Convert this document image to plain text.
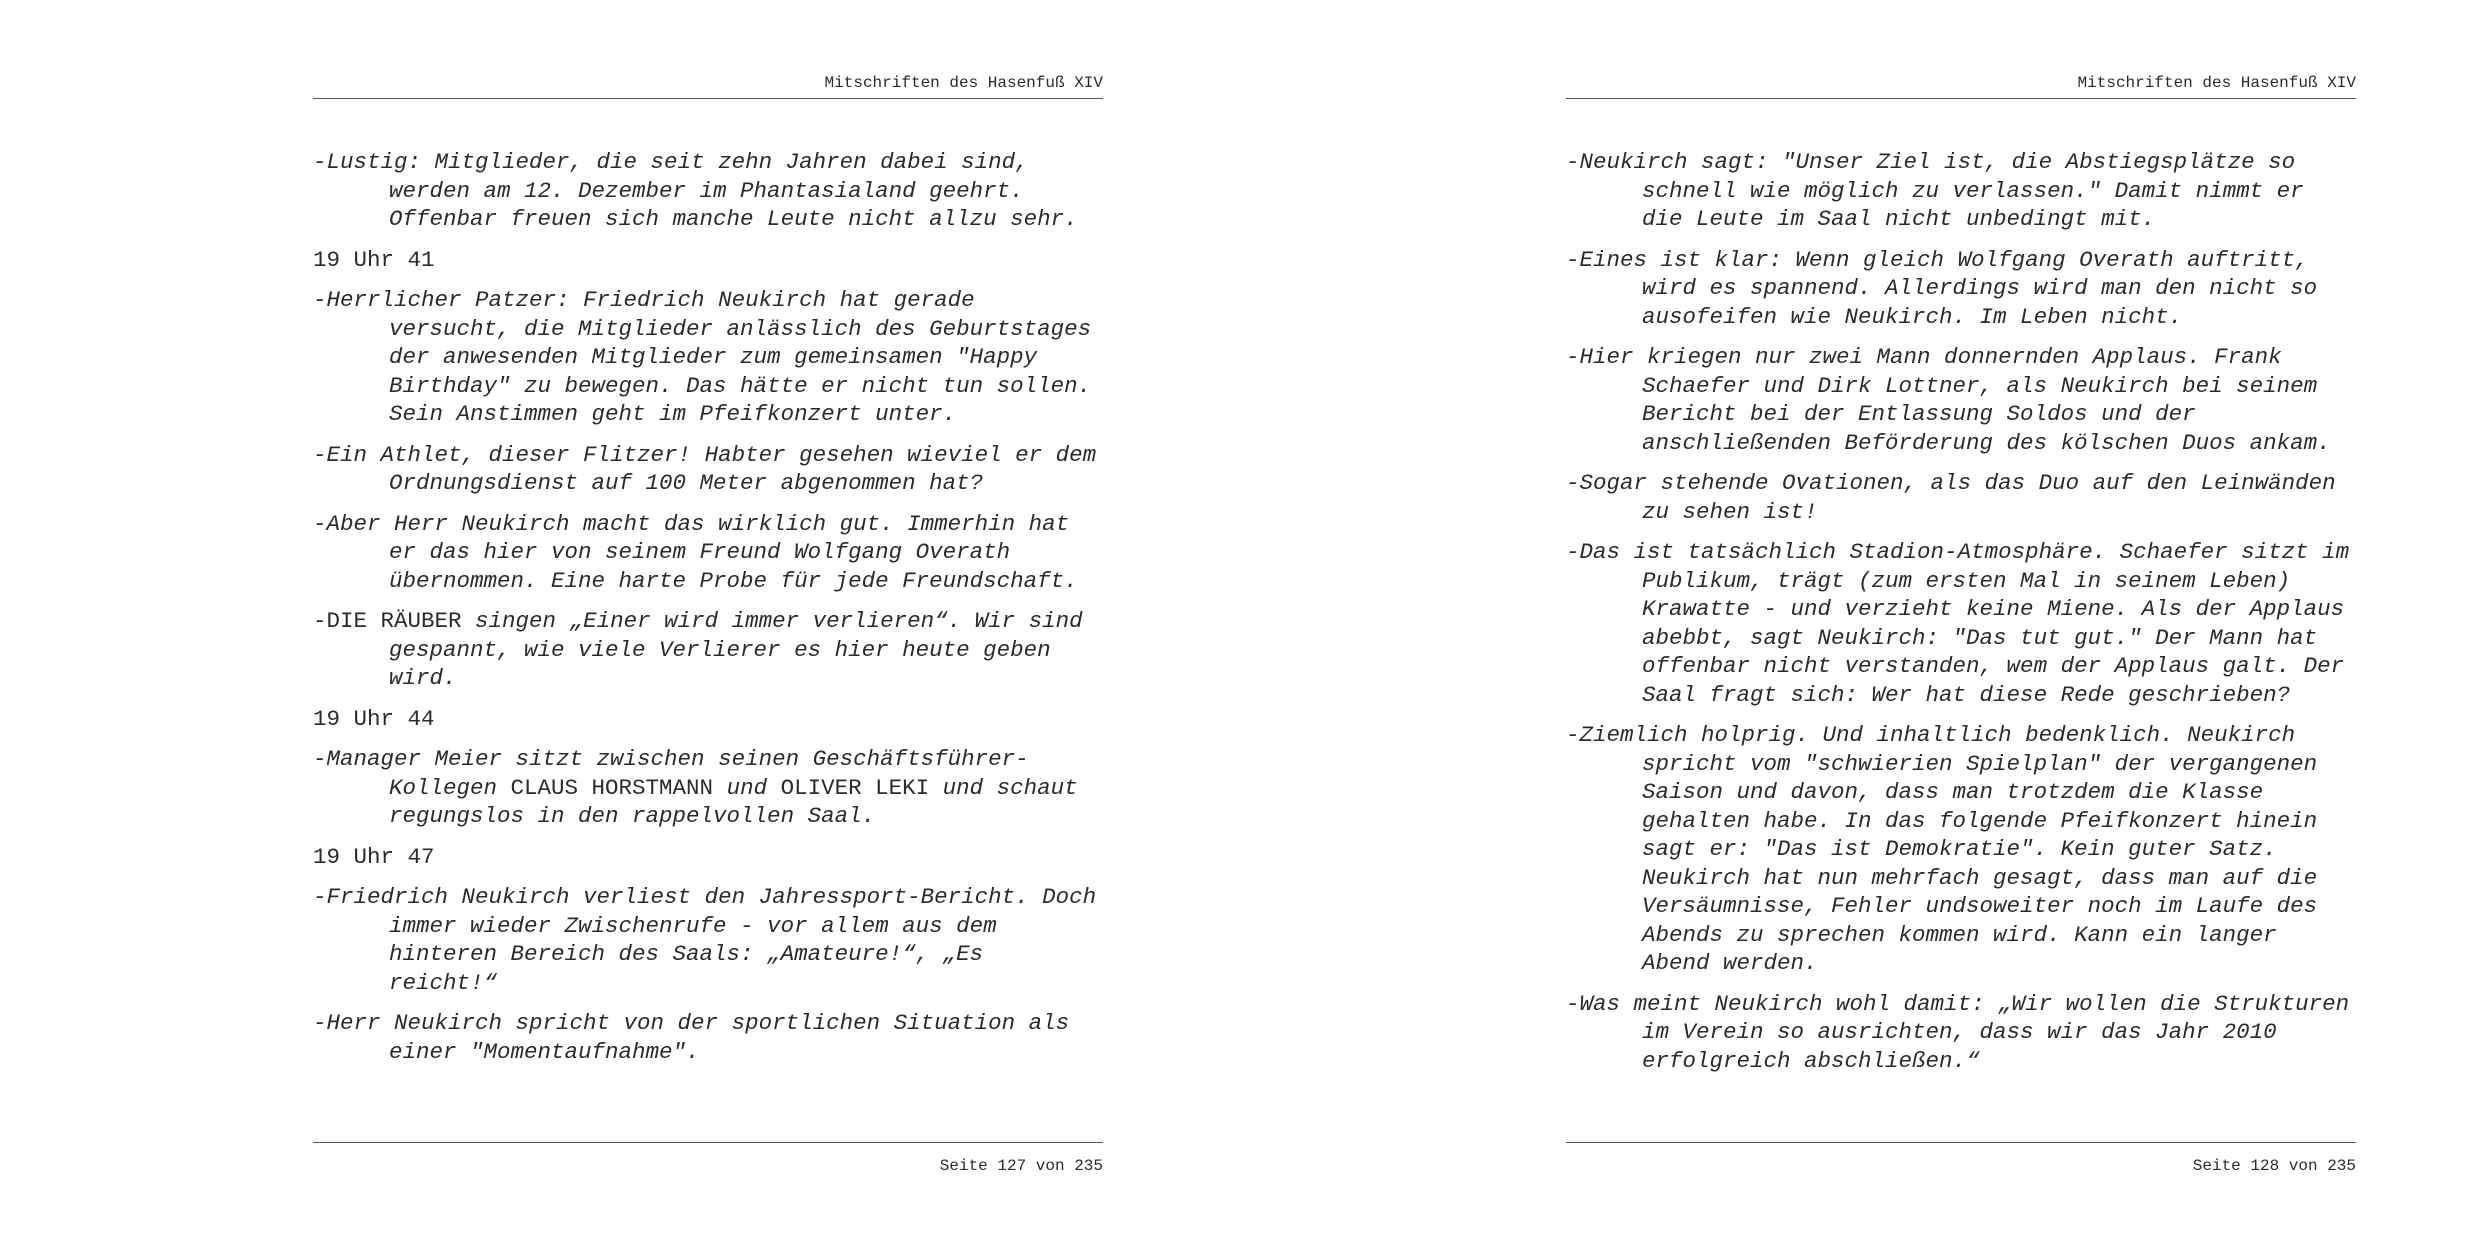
Mitschriften des Hasenfuß XIV

-Lustig: Mitglieder, die seit zehn Jahren dabei sind, werden am 12. Dezember im Phantasialand geehrt. Offenbar freuen sich manche Leute nicht allzu sehr.

19 Uhr 41

-Herrlicher Patzer: Friedrich Neukirch hat gerade versucht, die Mitglieder anlässlich des Geburtstages der anwesenden Mitglieder zum gemeinsamen "Happy Birthday" zu bewegen. Das hätte er nicht tun sollen. Sein Anstimmen geht im Pfeifkonzert unter.

-Ein Athlet, dieser Flitzer! Habter gesehen wieviel er dem Ordnungsdienst auf 100 Meter abgenommen hat?

-Aber Herr Neukirch macht das wirklich gut. Immerhin hat er das hier von seinem Freund Wolfgang Overath übernommen. Eine harte Probe für jede Freundschaft.

-DIE RÄUBER singen „Einer wird immer verlieren“. Wir sind gespannt, wie viele Verlierer es hier heute geben wird.

19 Uhr 44

-Manager Meier sitzt zwischen seinen Geschäftsführer-Kollegen CLAUS HORSTMANN und OLIVER LEKI und schaut regungslos in den rappelvollen Saal.

19 Uhr 47

-Friedrich Neukirch verliest den Jahressport-Bericht. Doch immer wieder Zwischenrufe - vor allem aus dem hinteren Bereich des Saals: „Amateure!“, „Es reicht!“

-Herr Neukirch spricht von der sportlichen Situation als einer "Momentaufnahme".

Seite 127 von 235
Mitschriften des Hasenfuß XIV

-Neukirch sagt: "Unser Ziel ist, die Abstiegsplätze so schnell wie möglich zu verlassen." Damit nimmt er die Leute im Saal nicht unbedingt mit.

-Eines ist klar: Wenn gleich Wolfgang Overath auftritt, wird es spannend. Allerdings wird man den nicht so ausofeifen wie Neukirch. Im Leben nicht.

-Hier kriegen nur zwei Mann donnernden Applaus. Frank Schaefer und Dirk Lottner, als Neukirch bei seinem Bericht bei der Entlassung Soldos und der anschließenden Beförderung des kölschen Duos ankam.

-Sogar stehende Ovationen, als das Duo auf den Leinwänden zu sehen ist!

-Das ist tatsächlich Stadion-Atmosphäre. Schaefer sitzt im Publikum, trägt (zum ersten Mal in seinem Leben) Krawatte - und verzieht keine Miene. Als der Applaus abebbt, sagt Neukirch: "Das tut gut." Der Mann hat offenbar nicht verstanden, wem der Applaus galt. Der Saal fragt sich: Wer hat diese Rede geschrieben?

-Ziemlich holprig. Und inhaltlich bedenklich. Neukirch spricht vom "schwierien Spielplan" der vergangenen Saison und davon, dass man trotzdem die Klasse gehalten habe. In das folgende Pfeifkonzert hinein sagt er: "Das ist Demokratie". Kein guter Satz. Neukirch hat nun mehrfach gesagt, dass man auf die Versäumnisse, Fehler undsoweiter noch im Laufe des Abends zu sprechen kommen wird. Kann ein langer Abend werden.

-Was meint Neukirch wohl damit: „Wir wollen die Strukturen im Verein so ausrichten, dass wir das Jahr 2010 erfolgreich abschließen.“

Seite 128 von 235
